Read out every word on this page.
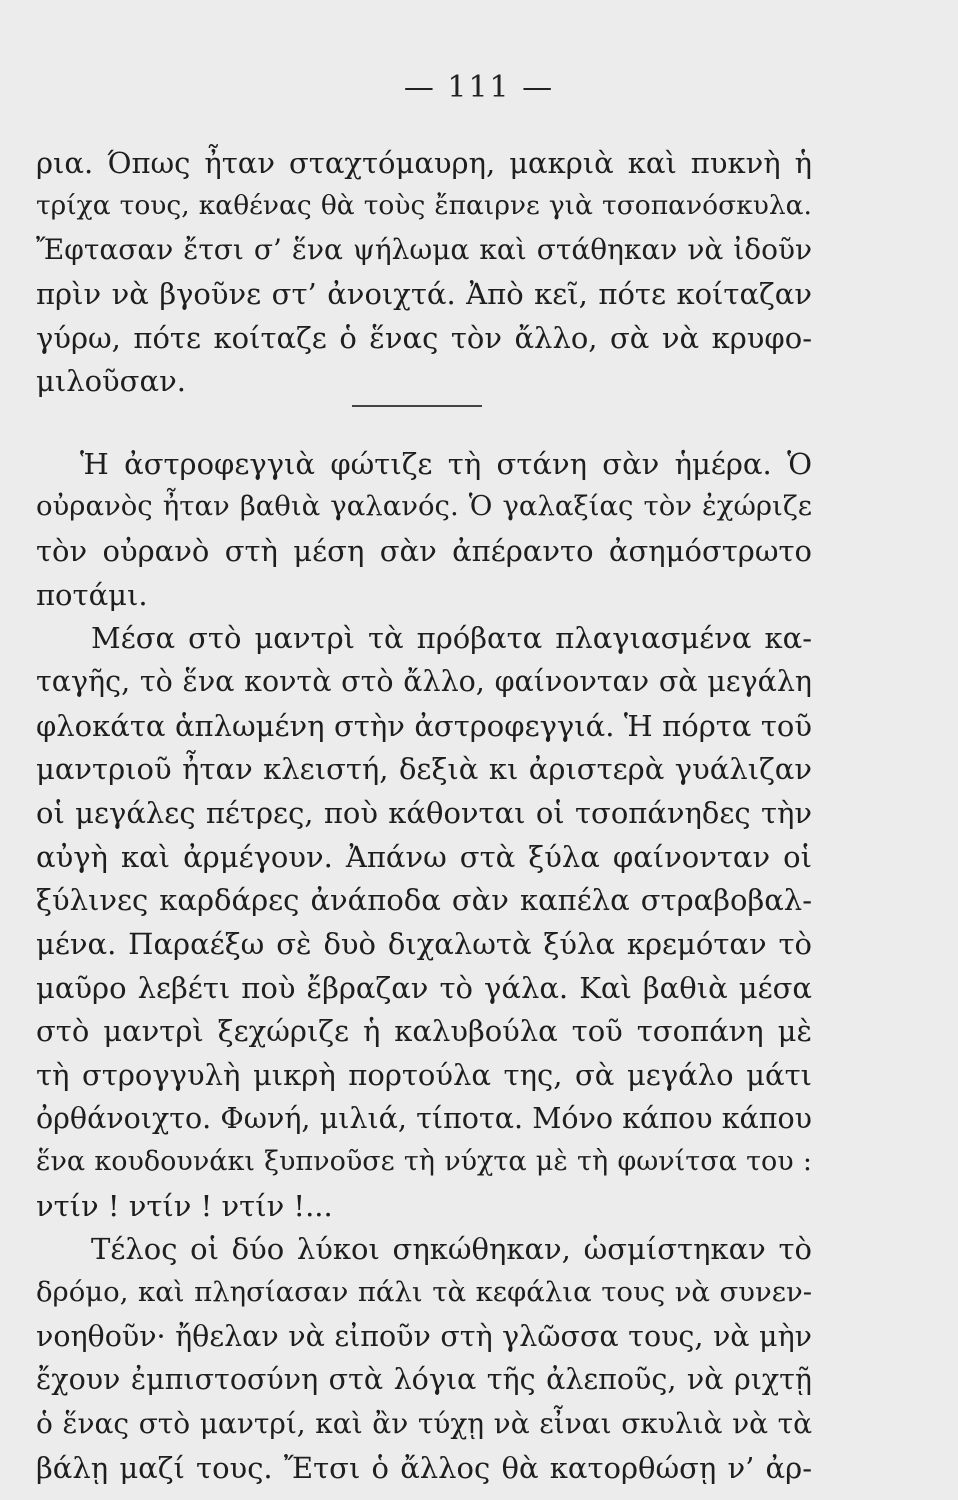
— 111 —
ρια. Όπως ἦταν σταχτόμαυρη, μακριὰ καὶ πυκνὴ ἡ
τρίχα τους, καθένας θὰ τοὺς ἔπαιρνε γιὰ τσοπανόσκυλα.
Ἔφτασαν ἔτσι σ’ ἕνα ψήλωμα καὶ στάθηκαν νὰ ἰδοῦν
πρὶν νὰ βγοῦνε στ’ ἀνοιχτά. Ἀπὸ κεῖ, πότε κοίταζαν
γύρω, πότε κοίταζε ὁ ἕνας τὸν ἄλλο, σὰ νὰ κρυφο-
μιλοῦσαν.
Ἡ ἀστροφεγγιὰ φώτιζε τὴ στάνη σὰν ἡμέρα. Ὁ
οὐρανὸς ἦταν βαθιὰ γαλανός. Ὁ γαλαξίας τὸν ἐχώριζε
τὸν οὐρανὸ στὴ μέση σὰν ἀπέραντο ἀσημόστρωτο
ποτάμι.
Μέσα στὸ μαντρὶ τὰ πρόβατα πλαγιασμένα κα-
ταγῆς, τὸ ἕνα κοντὰ στὸ ἄλλο, φαίνονταν σὰ μεγάλη
φλοκάτα ἁπλωμένη στὴν ἀστροφεγγιά. Ἡ πόρτα τοῦ
μαντριοῦ ἦταν κλειστή, δεξιὰ κι ἀριστερὰ γυάλιζαν
οἱ μεγάλες πέτρες, ποὺ κάθονται οἱ τσοπάνηδες τὴν
αὐγὴ καὶ ἀρμέγουν. Ἀπάνω στὰ ξύλα φαίνονταν οἱ
ξύλινες καρδάρες ἀνάποδα σὰν καπέλα στραβοβαλ-
μένα. Παραέξω σὲ δυὸ διχαλωτὰ ξύλα κρεμόταν τὸ
μαῦρο λεβέτι ποὺ ἔβραζαν τὸ γάλα. Καὶ βαθιὰ μέσα
στὸ μαντρὶ ξεχώριζε ἡ καλυβούλα τοῦ τσοπάνη μὲ
τὴ στρογγυλὴ μικρὴ πορτούλα της, σὰ μεγάλο μάτι
ὀρθάνοιχτο. Φωνή, μιλιά, τίποτα. Μόνο κάπου κάπου
ἕνα κουδουνάκι ξυπνοῦσε τὴ νύχτα μὲ τὴ φωνίτσα του :
ντίν ! ντίν ! ντίν !...
Τέλος οἱ δύο λύκοι σηκώθηκαν, ὡσμίστηκαν τὸ
δρόμο, καὶ πλησίασαν πάλι τὰ κεφάλια τους νὰ συνεν-
νοηθοῦν· ἤθελαν νὰ εἰποῦν στὴ γλῶσσα τους, νὰ μὴν
ἔχουν ἐμπιστοσύνη στὰ λόγια τῆς ἀλεποῦς, νὰ ριχτῇ
ὁ ἕνας στὸ μαντρί, καὶ ἂν τύχῃ νὰ εἶναι σκυλιὰ νὰ τὰ
βάλῃ μαζί τους. Ἔτσι ὁ ἄλλος θὰ κατορθώσῃ ν’ ἀρ-
